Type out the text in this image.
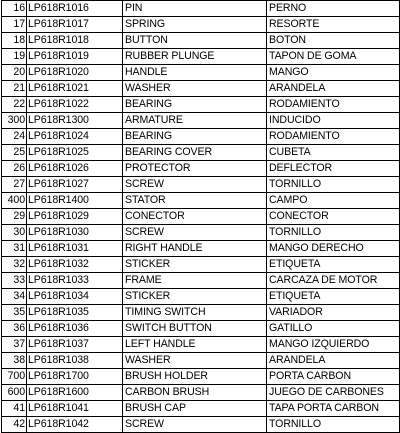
16	LP618R1016	PIN	PERNO
17	LP618R1017	SPRING	RESORTE
18	LP618R1018	BUTTON	BOTON
19	LP618R1019	RUBBER PLUNGE	TAPON DE GOMA
20	LP618R1020	HANDLE	MANGO
21	LP618R1021	WASHER	ARANDELA
22	LP618R1022	BEARING	RODAMIENTO
300	LP618R1300	ARMATURE	INDUCIDO
24	LP618R1024	BEARING	RODAMIENTO
25	LP618R1025	BEARING COVER	CUBETA
26	LP618R1026	PROTECTOR	DEFLECTOR
27	LP618R1027	SCREW	TORNILLO
400	LP618R1400	STATOR	CAMPO
29	LP618R1029	CONECTOR	CONECTOR
30	LP618R1030	SCREW	TORNILLO
31	LP618R1031	RIGHT HANDLE	MANGO DERECHO
32	LP618R1032	STICKER	ETIQUETA
33	LP618R1033	FRAME	CARCAZA DE MOTOR
34	LP618R1034	STICKER	ETIQUETA
35	LP618R1035	TIMING SWITCH	VARIADOR
36	LP618R1036	SWITCH BUTTON	GATILLO
37	LP618R1037	LEFT HANDLE	MANGO IZQUIERDO
38	LP618R1038	WASHER	ARANDELA
700	LP618R1700	BRUSH HOLDER	PORTA CARBON
600	LP618R1600	CARBON BRUSH	JUEGO DE CARBONES
41	LP618R1041	BRUSH CAP	TAPA PORTA CARBON
42	LP618R1042	SCREW	TORNILLO
